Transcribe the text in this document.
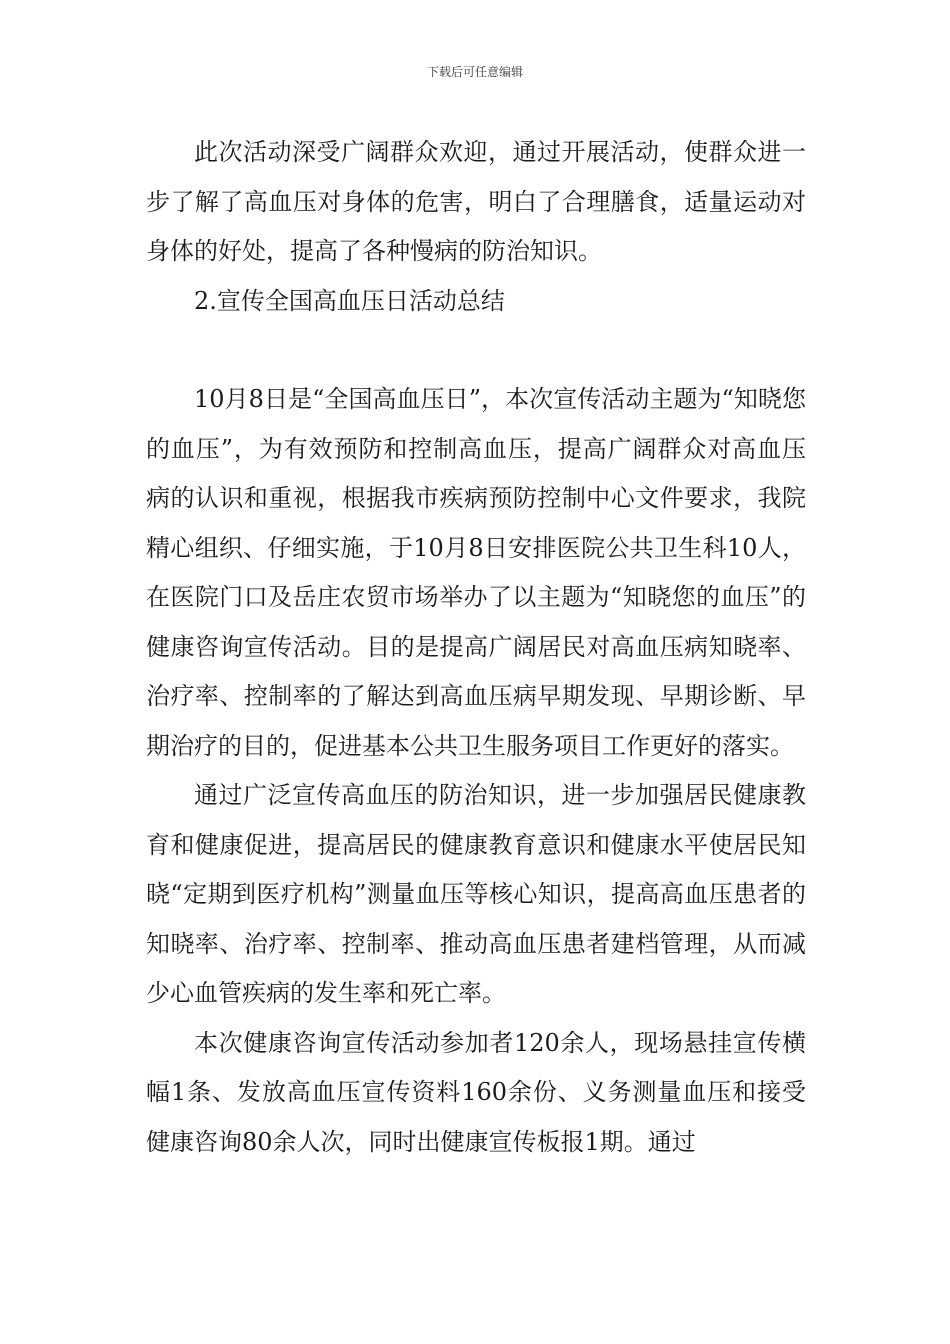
下载后可任意编辑

此次活动深受广阔群众欢迎，通过开展活动，使群众进一步了解了高血压对身体的危害，明白了合理膳食，适量运动对身体的好处，提高了各种慢病的防治知识。

2.宣传全国高血压日活动总结

10月8日是“全国高血压日”，本次宣传活动主题为“知晓您的血压”，为有效预防和控制高血压，提高广阔群众对高血压病的认识和重视，根据我市疾病预防控制中心文件要求，我院精心组织、仔细实施，于10月8日安排医院公共卫生科10人，在医院门口及岳庄农贸市场举办了以主题为“知晓您的血压”的健康咨询宣传活动。目的是提高广阔居民对高血压病知晓率、治疗率、控制率的了解达到高血压病早期发现、早期诊断、早期治疗的目的，促进基本公共卫生服务项目工作更好的落实。

通过广泛宣传高血压的防治知识，进一步加强居民健康教育和健康促进，提高居民的健康教育意识和健康水平使居民知晓“定期到医疗机构”测量血压等核心知识，提高高血压患者的知晓率、治疗率、控制率、推动高血压患者建档管理，从而减少心血管疾病的发生率和死亡率。

本次健康咨询宣传活动参加者120余人，现场悬挂宣传横幅1条、发放高血压宣传资料160余份、义务测量血压和接受健康咨询80余人次，同时出健康宣传板报1期。通过
